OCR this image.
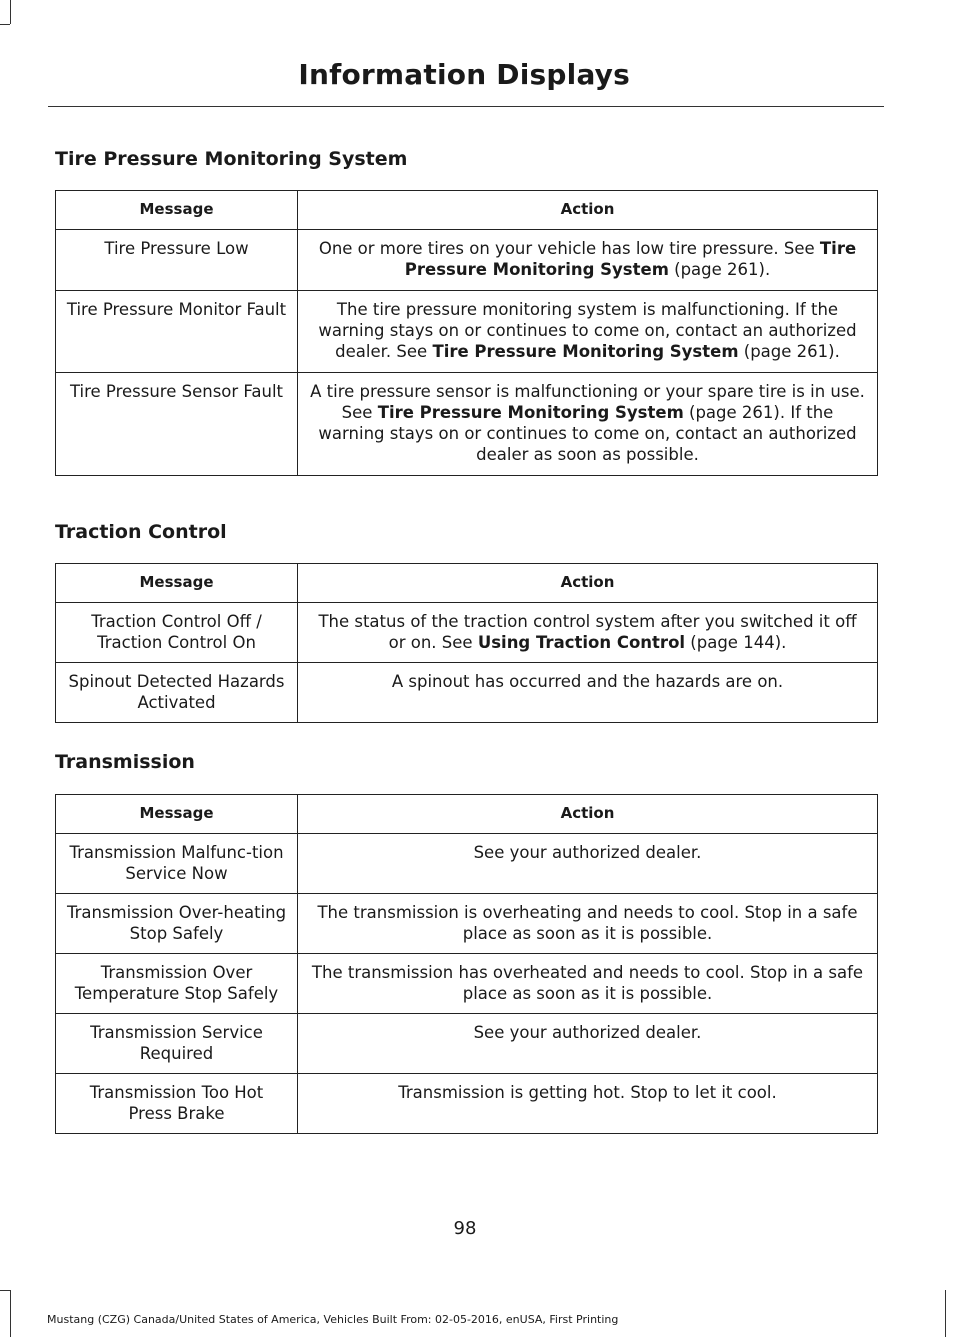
Information Displays
Tire Pressure Monitoring System
Message	Action
Tire Pressure Low	One or more tires on your vehicle has low tire pressure. See Tire Pressure Monitoring System (page 261).
Tire Pressure Monitor Fault	The tire pressure monitoring system is malfunctioning. If the warning stays on or continues to come on, contact an authorized dealer. See Tire Pressure Monitoring System (page 261).
Tire Pressure Sensor Fault	A tire pressure sensor is malfunctioning or your spare tire is in use. See Tire Pressure Monitoring System (page 261). If the warning stays on or continues to come on, contact an authorized dealer as soon as possible.
Traction Control
Message	Action
Traction Control Off / Traction Control On	The status of the traction control system after you switched it off or on. See Using Traction Control (page 144).
Spinout Detected Hazards Activated	A spinout has occurred and the hazards are on.
Transmission
Message	Action
Transmission Malfunc-tion Service Now	See your authorized dealer.
Transmission Over-heating Stop Safely	The transmission is overheating and needs to cool. Stop in a safe place as soon as it is possible.
Transmission Over Temperature Stop Safely	The transmission has overheated and needs to cool. Stop in a safe place as soon as it is possible.
Transmission Service Required	See your authorized dealer.
Transmission Too Hot Press Brake	Transmission is getting hot. Stop to let it cool.
98
Mustang (CZG) Canada/United States of America, Vehicles Built From: 02-05-2016, enUSA, First Printing
